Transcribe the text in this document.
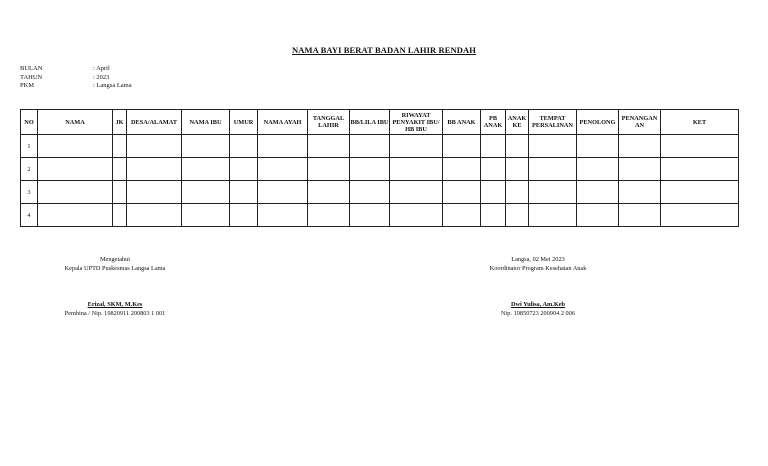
NAMA BAYI BERAT BADAN LAHIR RENDAH
BULAN	: April
TAHUN	: 2023
PKM	: Langsa Lama
NO	NAMA	JK	DESA/ALAMAT	NAMA IBU	UMUR	NAMA AYAH	TANGGAL LAHIR	BB/LILA IBU	RIWAYAT PENYAKIT IBU/ HB IBU	BB ANAK	PB ANAK	ANAK KE	TEMPAT PERSALINAN	PENOLONG	PENANGAN AN	KET
1																
2																
3																
4																
Mengetahui
Kepala UPTD Puskesmas Langsa Lama
Erizal, SKM, M.Kes
Pembina / Nip. 19820911 200803 1 001
Langsa, 02 Mei 2023
Koordinator Program Kesehatan Anak
Dwi Yulisa, Am.Keb
Nip. 19850723 200904 2 006
